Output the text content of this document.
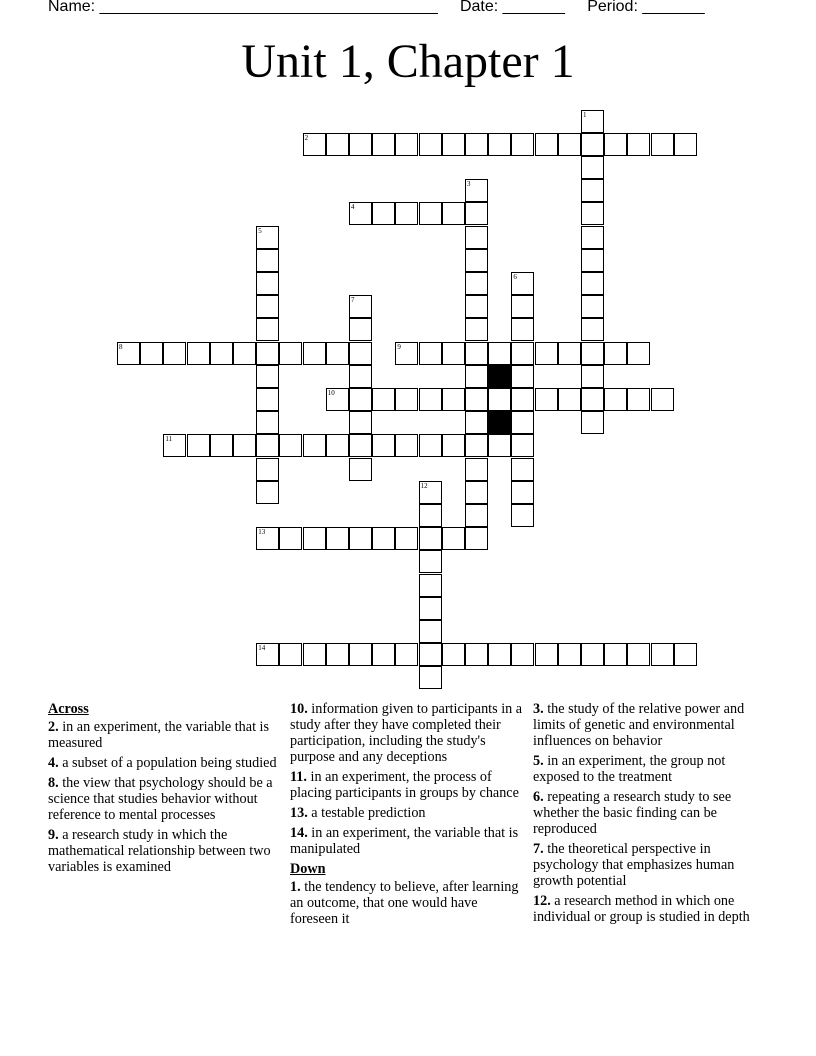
Name: ______________________________________ Date: _______ Period: _______
Unit 1, Chapter 1
1
2
3
4
5
6
7
8	9
10
11
12
13
14
Across
2. in an experiment, the variable that is measured
4. a subset of a population being studied
8. the view that psychology should be a science that studies behavior without reference to mental processes
9. a research study in which the mathematical relationship between two variables is examined
10. information given to participants in a study after they have completed their participation, including the study's purpose and any deceptions
11. in an experiment, the process of placing participants in groups by chance
13. a testable prediction
14. in an experiment, the variable that is manipulated
Down
1. the tendency to believe, after learning an outcome, that one would have foreseen it
3. the study of the relative power and limits of genetic and environmental influences on behavior
5. in an experiment, the group not exposed to the treatment
6. repeating a research study to see whether the basic finding can be reproduced
7. the theoretical perspective in psychology that emphasizes human growth potential
12. a research method in which one individual or group is studied in depth
